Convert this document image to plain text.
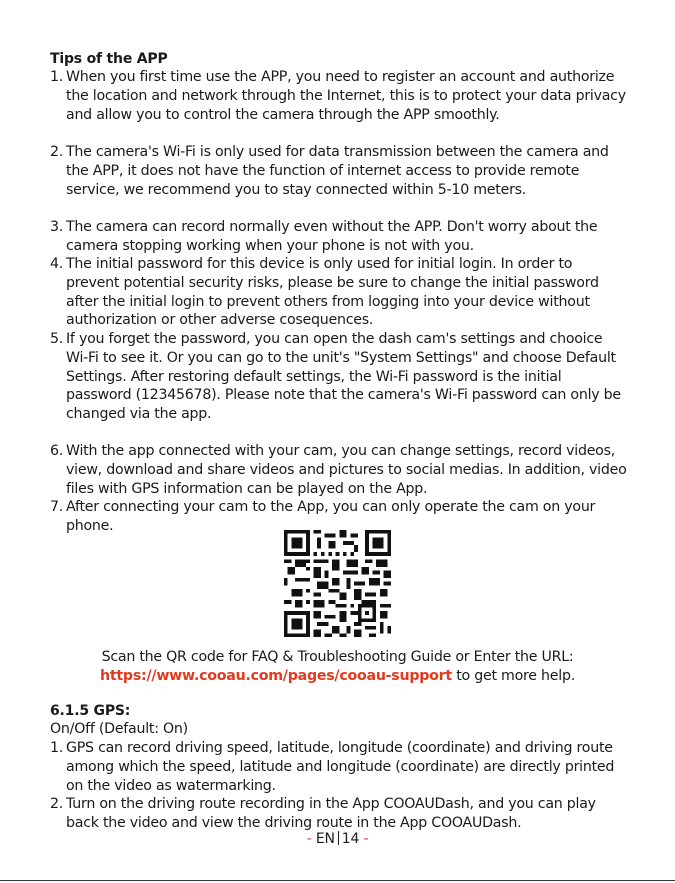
Tips of the APP
1. When you first time use the APP, you need to register an account and authorize the location and network through the Internet, this is to protect your data privacy and allow you to control the camera through the APP smoothly.
2. The camera's Wi-Fi is only used for data transmission between the camera and the APP, it does not have the function of internet access to provide remote service, we recommend you to stay connected within 5-10 meters.
3. The camera can record normally even without the APP. Don't worry about the camera stopping working when your phone is not with you.
4. The initial password for this device is only used for initial login. In order to prevent potential security risks, please be sure to change the initial password after the initial login to prevent others from logging into your device without authorization or other adverse cosequences.
5. If you forget the password, you can open the dash cam's settings and chooice Wi-Fi to see it. Or you can go to the unit's "System Settings" and choose Default Settings. After restoring default settings, the Wi-Fi password is the initial password (12345678). Please note that the camera's Wi-Fi password can only be changed via the app.
6. With the app connected with your cam, you can change settings, record videos, view, download and share videos and pictures to social medias. In addition, video files with GPS information can be played on the App.
7. After connecting your cam to the App, you can only operate the cam on your phone.
Scan the QR code for FAQ & Troubleshooting Guide or Enter the URL:
https://www.cooau.com/pages/cooau-support to get more help.
6.1.5 GPS:
On/Off (Default: On)
1. GPS can record driving speed, latitude, longitude (coordinate) and driving route among which the speed, latitude and longitude (coordinate) are directly printed on the video as watermarking.
2. Turn on the driving route recording in the App COOAUDash, and you can play back the video and view the driving route in the App COOAUDash.
- EN 14 -
